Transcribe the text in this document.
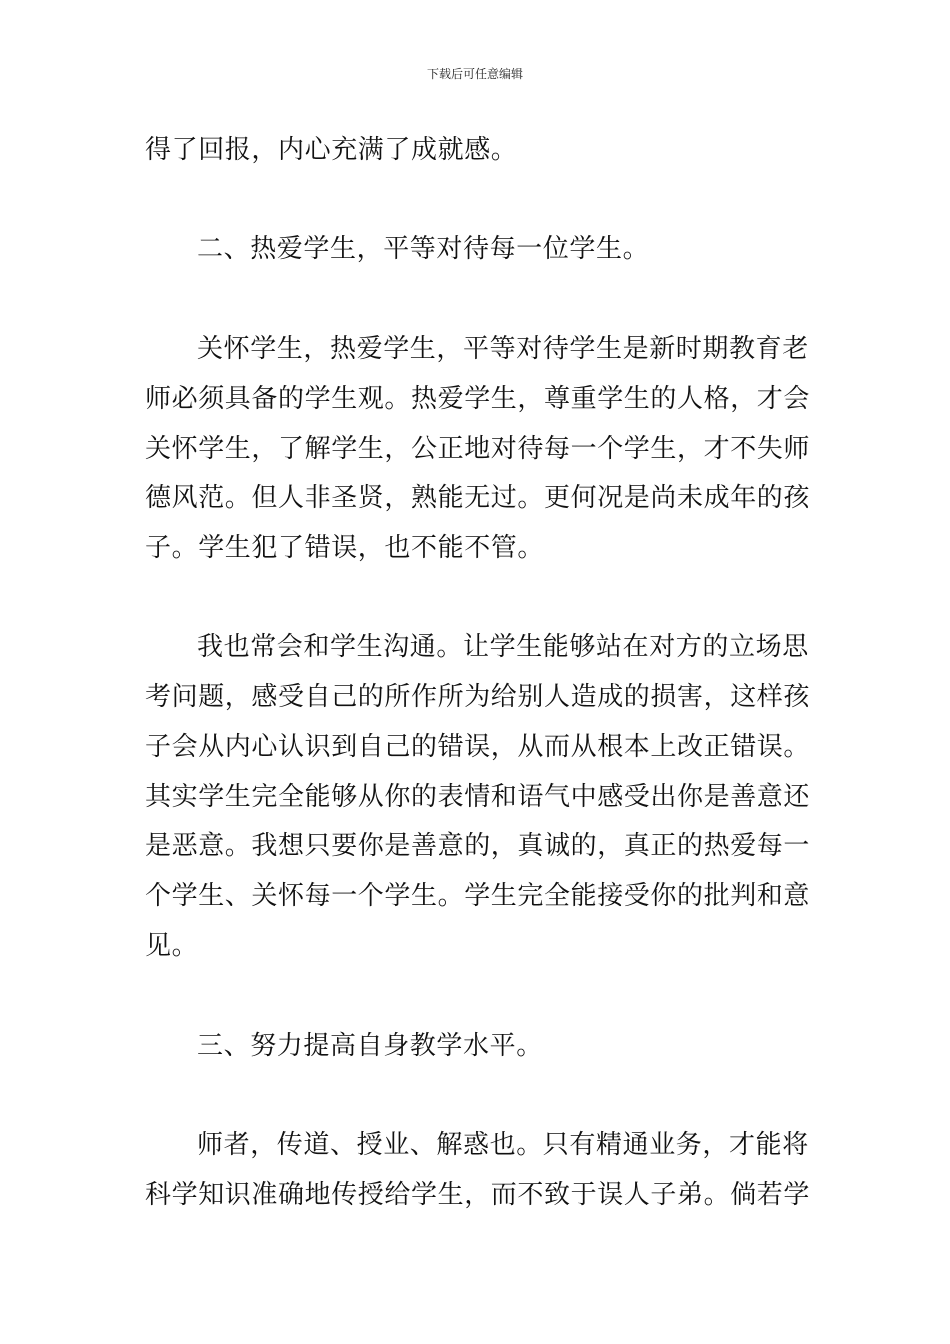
下载后可任意编辑
得了回报，内心充满了成就感。
二、热爱学生，平等对待每一位学生。
关怀学生，热爱学生，平等对待学生是新时期教育老
师必须具备的学生观。热爱学生，尊重学生的人格，才会
关怀学生，了解学生，公正地对待每一个学生，才不失师
德风范。但人非圣贤，熟能无过。更何况是尚未成年的孩
子。学生犯了错误，也不能不管。
我也常会和学生沟通。让学生能够站在对方的立场思
考问题，感受自己的所作所为给别人造成的损害，这样孩
子会从内心认识到自己的错误，从而从根本上改正错误。
其实学生完全能够从你的表情和语气中感受出你是善意还
是恶意。我想只要你是善意的，真诚的，真正的热爱每一
个学生、关怀每一个学生。学生完全能接受你的批判和意
见。
三、努力提高自身教学水平。
师者，传道、授业、解惑也。只有精通业务，才能将
科学知识准确地传授给学生，而不致于误人子弟。倘若学
